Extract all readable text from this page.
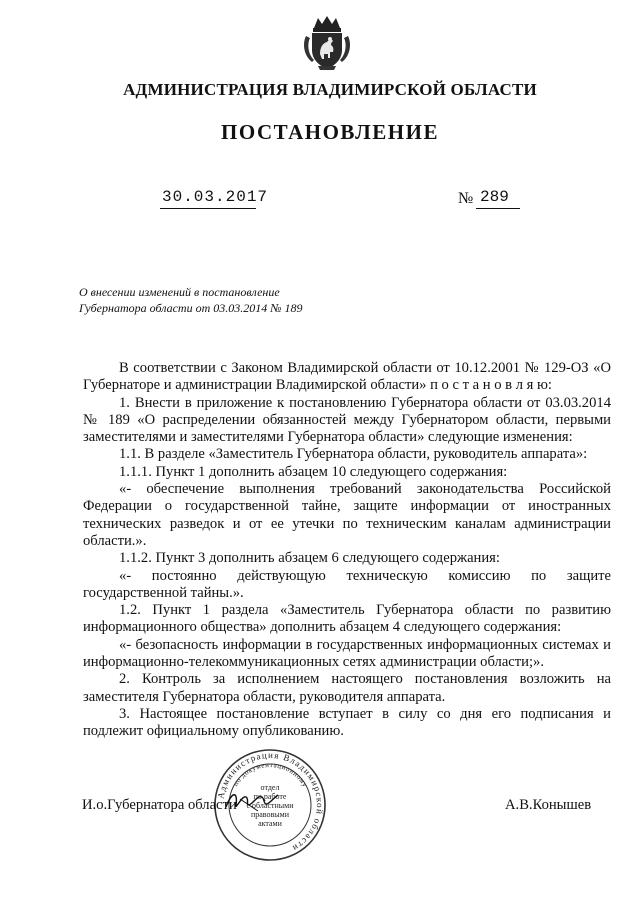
АДМИНИСТРАЦИЯ ВЛАДИМИРСКОЙ ОБЛАСТИ
ПОСТАНОВЛЕНИЕ
30.03.2017	№ 289
О внесении изменений в постановление
Губернатора области от 03.03.2014 № 189

В соответствии с Законом Владимирской области от 10.12.2001 № 129-ОЗ «О Губернаторе и администрации Владимирской области» п о с т а н о в л я ю:

1. Внести в приложение к постановлению Губернатора области от 03.03.2014 № 189 «О распределении обязанностей между Губернатором области, первыми заместителями и заместителями Губернатора области» следующие изменения:

1.1. В разделе «Заместитель Губернатора области, руководитель аппарата»:

1.1.1. Пункт 1 дополнить абзацем 10 следующего содержания:

«- обеспечение выполнения требований законодательства Российской Федерации о государственной тайне, защите информации от иностранных технических разведок и от ее утечки по техническим каналам администрации области.».

1.1.2. Пункт 3 дополнить абзацем 6 следующего содержания:

«- постоянно действующую техническую комиссию по защите государственной тайны.».

1.2. Пункт 1 раздела «Заместитель Губернатора области по развитию информационного общества» дополнить абзацем 4 следующего содержания:

«- безопасность информации в государственных информационных системах и информационно-телекоммуникационных сетях администрации области;».

2. Контроль за исполнением настоящего постановления возложить на заместителя Губернатора области, руководителя аппарата.

3. Настоящее постановление вступает в силу со дня его подписания и подлежит официальному опубликованию.

Администрация Владимирской области
по документационному
отдел
по работе
с областными
правовыми
актами
И.о.Губернатора области	А.В.Конышев
